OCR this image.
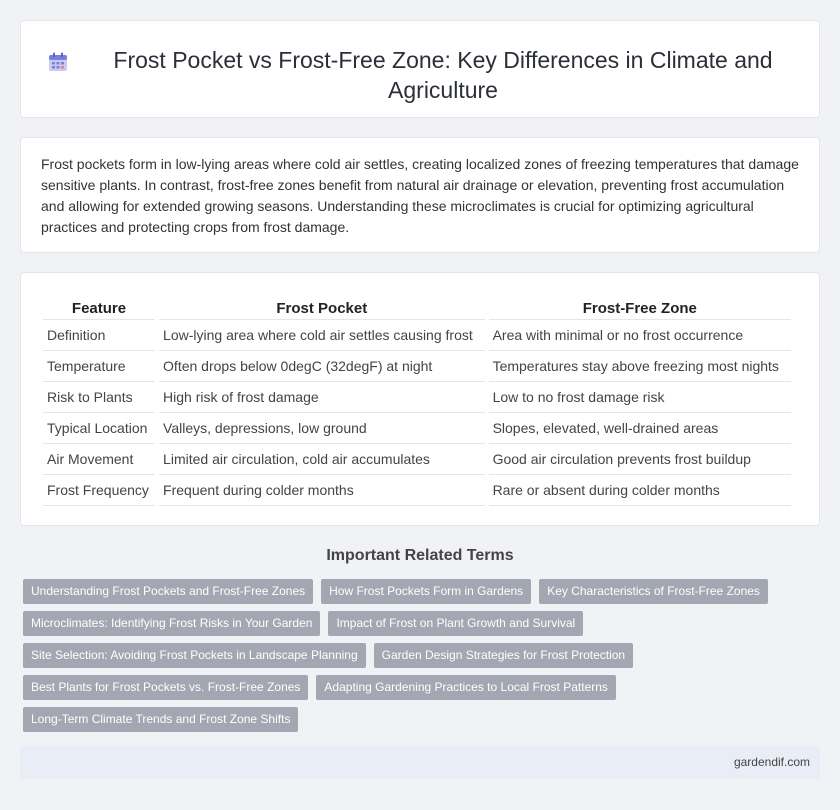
Frost Pocket vs Frost-Free Zone: Key Differences in Climate and Agriculture

Frost pockets form in low-lying areas where cold air settles, creating localized zones of freezing temperatures that damage sensitive plants. In contrast, frost-free zones benefit from natural air drainage or elevation, preventing frost accumulation and allowing for extended growing seasons. Understanding these microclimates is crucial for optimizing agricultural practices and protecting crops from frost damage.

Feature	Frost Pocket	Frost-Free Zone
Definition	Low-lying area where cold air settles causing frost	Area with minimal or no frost occurrence
Temperature	Often drops below 0degC (32degF) at night	Temperatures stay above freezing most nights
Risk to Plants	High risk of frost damage	Low to no frost damage risk
Typical Location	Valleys, depressions, low ground	Slopes, elevated, well-drained areas
Air Movement	Limited air circulation, cold air accumulates	Good air circulation prevents frost buildup
Frost Frequency	Frequent during colder months	Rare or absent during colder months
Important Related Terms
Understanding Frost Pockets and Frost-Free Zones	How Frost Pockets Form in Gardens	Key Characteristics of Frost-Free Zones
Microclimates: Identifying Frost Risks in Your Garden	Impact of Frost on Plant Growth and Survival
Site Selection: Avoiding Frost Pockets in Landscape Planning	Garden Design Strategies for Frost Protection
Best Plants for Frost Pockets vs. Frost-Free Zones	Adapting Gardening Practices to Local Frost Patterns
Long-Term Climate Trends and Frost Zone Shifts
gardendif.com
